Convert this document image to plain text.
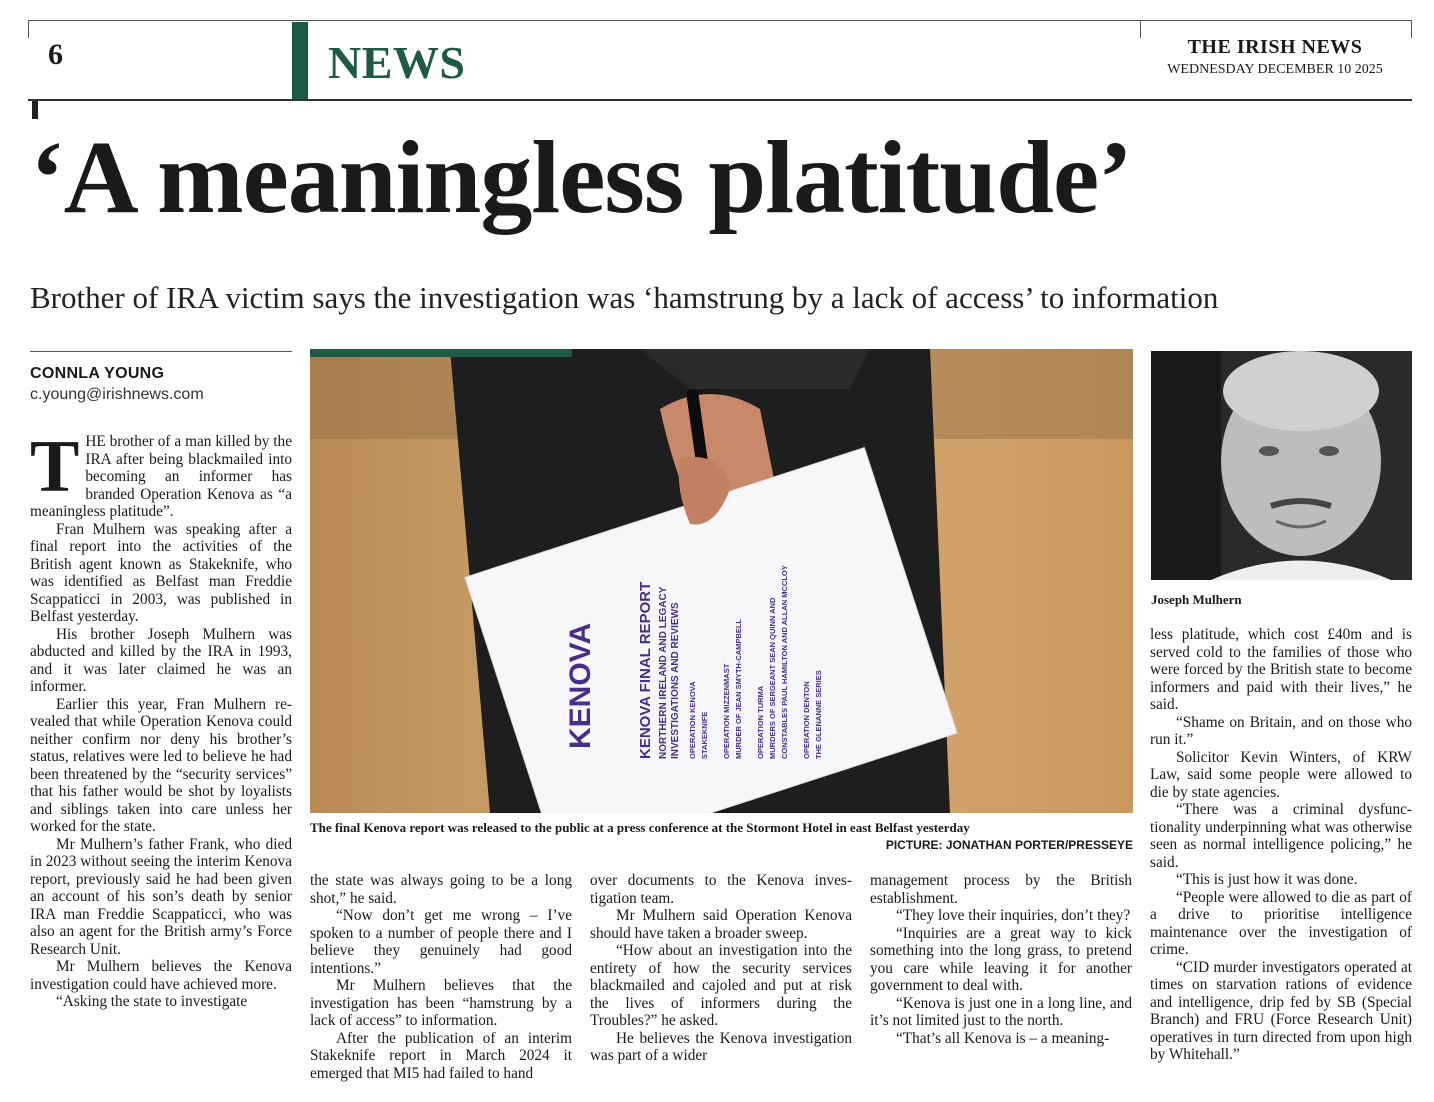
6	NEWS	THE IRISH NEWS
WEDNESDAY DECEMBER 10 2025
‘A meaningless platitude’
Brother of IRA victim says the investigation was ‘hamstrung by a lack of access’ to information
CONNLA YOUNG
c.young@irishnews.com

THE brother of a man killed by the IRA after being blackmailed into becoming an informer has branded Operation Kenova as “a meaningless platitude”.

Fran Mulhern was speaking after a final report into the activities of the British agent known as Stakeknife, who was identified as Belfast man Freddie Scappaticci in 2003, was published in Belfast yesterday.

His brother Joseph Mulhern was abducted and killed by the IRA in 1993, and it was later claimed he was an informer.

Earlier this year, Fran Mulhern revealed that while Operation Kenova could neither confirm nor deny his brother’s status, relatives were led to believe he had been threatened by the “security services” that his father would be shot by loyalists and siblings taken into care unless her worked for the state.

Mr Mulhern’s father Frank, who died in 2023 without seeing the interim Kenova report, previously said he had been given an account of his son’s death by senior IRA man Freddie Scappaticci, who was also an agent for the British army’s Force Research Unit.

Mr Mulhern believes the Kenova investigation could have achieved more.

“Asking the state to investigate

KENOVA	KENOVA FINAL REPORT NORTHERN IRELAND AND LEGACY INVESTIGATIONS AND REVIEWS OPERATION KENOVA STAKEKNIFE OPERATION MIZZENMAST MURDER OF JEAN SMYTH-CAMPBELL OPERATION TURMA MURDERS OF SERGEANT SEAN QUINN AND CONSTABLES PAUL HAMILTON AND ALLAN MCCLOY OPERATION DENTON THE GLENANNE SERIES
The final Kenova report was released to the public at a press conference at the Stormont Hotel in east Belfast yesterday
PICTURE: JONATHAN PORTER/PRESSEYE
Joseph Mulhern

the state was always going to be a long shot,” he said.

“Now don’t get me wrong – I’ve spoken to a number of people there and I believe they genuinely had good intentions.”

Mr Mulhern believes that the investigation has been “hamstrung by a lack of access” to information.

After the publication of an interim Stakeknife report in March 2024 it emerged that MI5 had failed to hand

over documents to the Kenova investigation team.

Mr Mulhern said Operation Kenova should have taken a broader sweep.

“How about an investigation into the entirety of how the security services blackmailed and cajoled and put at risk the lives of informers during the Troubles?” he asked.

He believes the Kenova investigation was part of a wider

management process by the British establishment.

“They love their inquiries, don’t they?

“Inquiries are a great way to kick something into the long grass, to pretend you care while leaving it for another government to deal with.

“Kenova is just one in a long line, and it’s not limited just to the north.

“That’s all Kenova is – a meaning-

less platitude, which cost £40m and is served cold to the families of those who were forced by the British state to become informers and paid with their lives,” he said.

“Shame on Britain, and on those who run it.”

Solicitor Kevin Winters, of KRW Law, said some people were allowed to die by state agencies.

“There was a criminal dysfunctionality underpinning what was otherwise seen as normal intelligence policing,” he said.

“This is just how it was done.

“People were allowed to die as part of a drive to prioritise intelligence maintenance over the investigation of crime.

“CID murder investigators operated at times on starvation rations of evidence and intelligence, drip fed by SB (Special Branch) and FRU (Force Research Unit) operatives in turn directed from upon high by Whitehall.”
